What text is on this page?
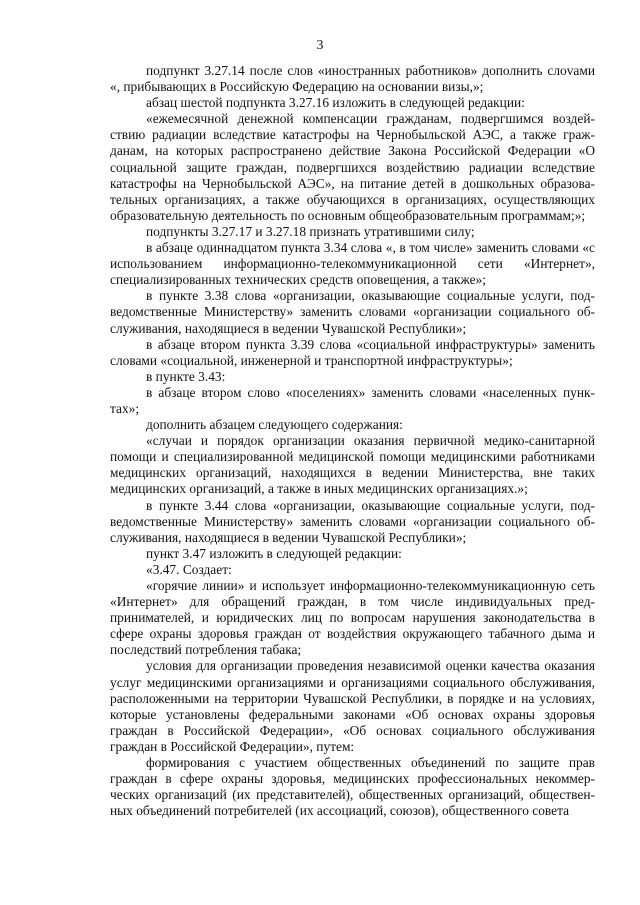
3

подпункт 3.27.14 после слов «иностранных работников» дополнить слоvами «, прибывающих в Российскую Федерацию на основании визы,»;

абзац шестой подпункта 3.27.16 изложить в следующей редакции:

«ежемесячной денежной компенсации гражданам, подвергшимся воздействию радиации вследствие катастрофы на Чернобыльской АЭС, а также гражданам, на которых распространено действие Закона Российской Федерации «О социальной защите граждан, подвергшихся воздействию радиации вследствие катастрофы на Чернобыльской АЭС», на питание детей в дошкольных образовательных организациях, а также обучающихся в организациях, осуществляющих образовательную деятельность по основным общеобразовательным программам;»;

подпункты 3.27.17 и 3.27.18 признать утратившими силу;

в абзаце одиннадцатом пункта 3.34 слова «, в том числе» заменить словами «с использованием информационно-телекоммуникационной сети «Интернет», специализированных технических средств оповещения, а также»;

в пункте 3.38 слова «организации, оказывающие социальные услуги, подведомственные Министерству» заменить словами «организации социального обслуживания, находящиеся в ведении Чувашской Республики»;

в абзаце втором пункта 3.39 слова «социальной инфраструктуры» заменить словами «социальной, инженерной и транспортной инфраструктуры»;

в пункте 3.43:

в абзаце втором слово «поселениях» заменить словами «населенных пунктах»;

дополнить абзацем следующего содержания:

«случаи и порядок организации оказания первичной медико-санитарной помощи и специализированной медицинской помощи медицинскими работниками медицинских организаций, находящихся в ведении Министерства, вне таких медицинских организаций, а также в иных медицинских организациях.»;

в пункте 3.44 слова «организации, оказывающие социальные услуги, подведомственные Министерству» заменить словами «организации социального обслуживания, находящиеся в ведении Чувашской Республики»;

пункт 3.47 изложить в следующей редакции:

«3.47. Создает:

«горячие линии» и использует информационно-телекоммуникационную сеть «Интернет» для обращений граждан, в том числе индивидуальных предпринимателей, и юридических лиц по вопросам нарушения законодательства в сфере охраны здоровья граждан от воздействия окружающего табачного дыма и последствий потребления табака;

условия для организации проведения независимой оценки качества оказания услуг медицинскими организациями и организациями социального обслуживания, расположенными на территории Чувашской Республики, в порядке и на условиях, которые установлены федеральными законами «Об основах охраны здоровья граждан в Российской Федерации», «Об основах социального обслуживания граждан в Российской Федерации», путем:

формирования с участием общественных объединений по защите прав граждан в сфере охраны здоровья, медицинских профессиональных некоммерческих организаций (их представителей), общественных организаций, общественных объединений потребителей (их ассоциаций, союзов), общественного совета
